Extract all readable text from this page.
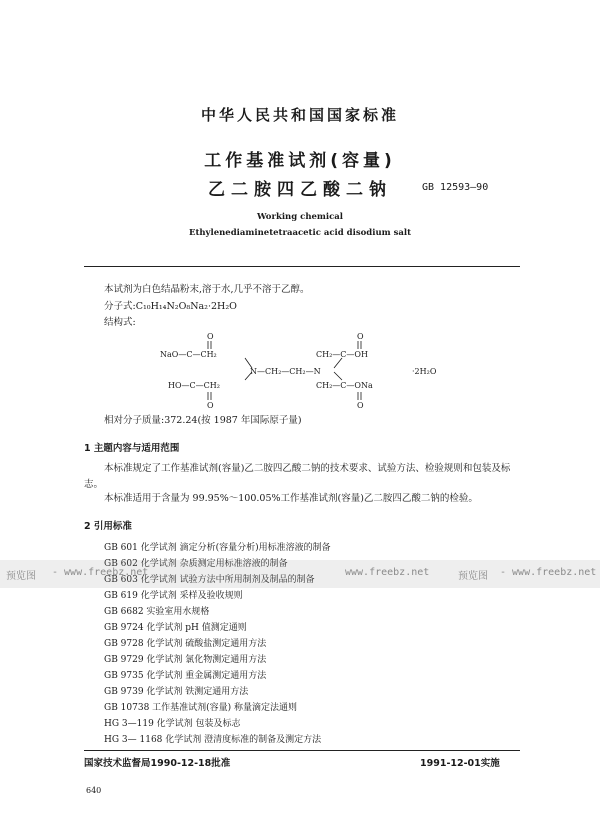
中华人民共和国国家标准
工作基准试剂(容量)
乙二胺四乙酸二钠	GB 12593—90
Working chemical
Ethylenediaminetetraacetic acid disodium salt
本试剂为白色结晶粉末,溶于水,几乎不溶于乙醇。
分子式:C₁₀H₁₄N₂O₈Na₂·2H₂O
结构式:
O
NaO—C—CH₂
HO—C—CH₂
O
N—CH₂—CH₂—N
O
CH₂—C—OH
CH₂—C—ONa
O
·2H₂O
相对分子质量:372.24(按 1987 年国际原子量)
1 主题内容与适用范围
本标准规定了工作基准试剂(容量)乙二胺四乙酸二钠的技术要求、试验方法、检验规则和包装及标
志。
本标准适用于含量为 99.95%～100.05%工作基准试剂(容量)乙二胺四乙酸二钠的检验。
2 引用标准
GB 601 化学试剂 滴定分析(容量分析)用标准溶液的制备
GB 602 化学试剂 杂质测定用标准溶液的制备
GB 603 化学试剂 试验方法中所用制剂及制品的制备
GB 619 化学试剂 采样及验收规则
GB 6682 实验室用水规格
GB 9724 化学试剂 pH 值测定通则
GB 9728 化学试剂 硫酸盐测定通用方法
GB 9729 化学试剂 氯化物测定通用方法
GB 9735 化学试剂 重金属测定通用方法
GB 9739 化学试剂 铁测定通用方法
GB 10738 工作基准试剂(容量) 称量滴定法通则
HG 3—119 化学试剂 包装及标志
HG 3— 1168 化学试剂 澄清度标准的制备及测定方法
预览图 - www.freebz.net	www.freebz.net	预览图 - www.freebz.net
国家技术监督局1990-12-18批准	1991-12-01实施
640
